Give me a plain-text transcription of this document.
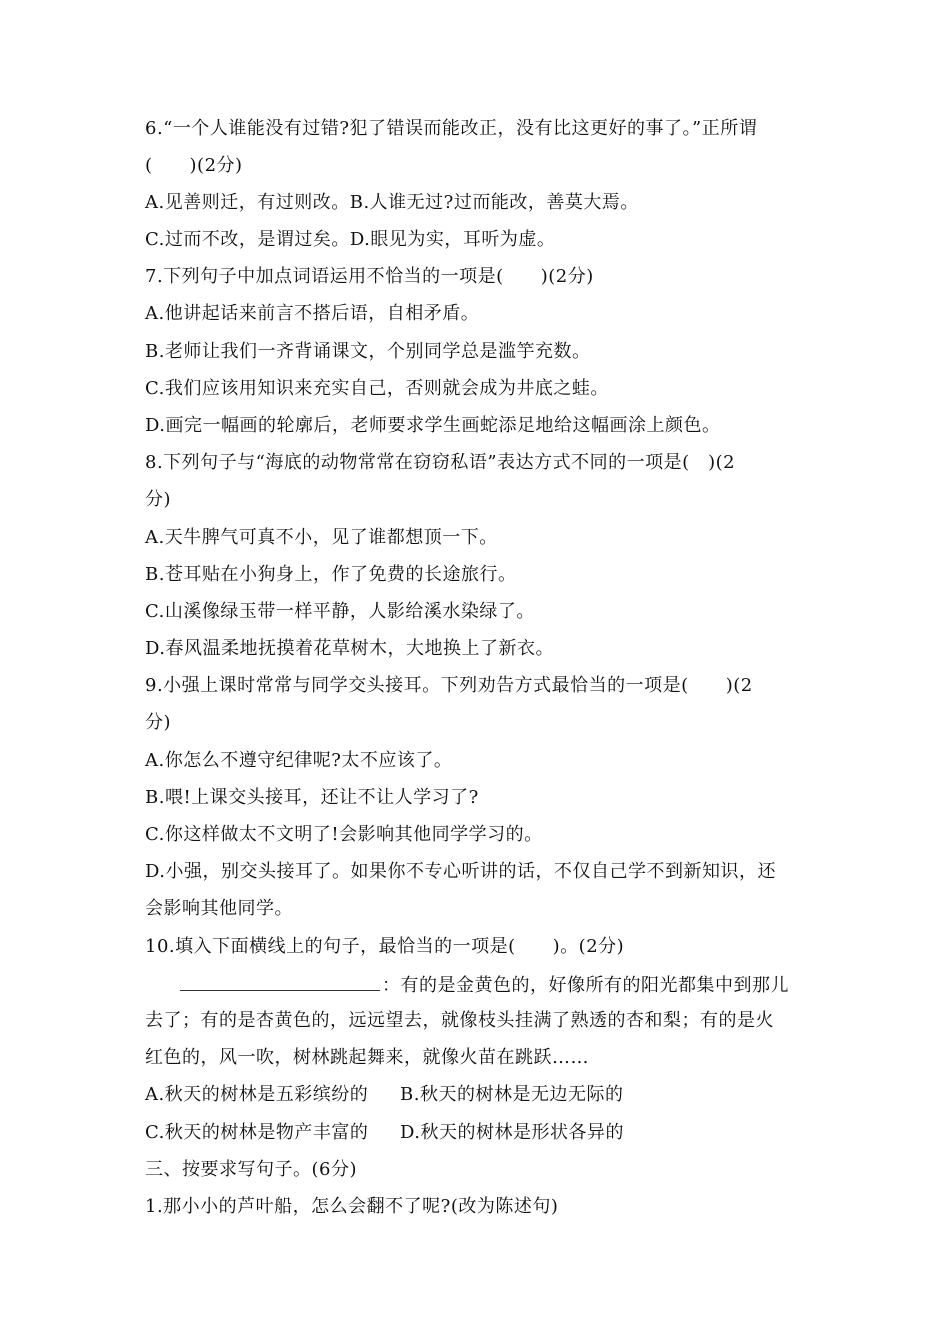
6.“一个人谁能没有过错?犯了错误而能改正，没有比这更好的事了。”正所谓
(　　)(2分)
A.见善则迁，有过则改。B.人谁无过?过而能改，善莫大焉。
C.过而不改，是谓过矣。D.眼见为实，耳听为虚。
7.下列句子中加点词语运用不恰当的一项是(　　)(2分)
A.他讲起话来前言不搭后语，自相矛盾。
B.老师让我们一齐背诵课文，个别同学总是滥竽充数。
C.我们应该用知识来充实自己，否则就会成为井底之蛙。
D.画完一幅画的轮廓后，老师要求学生画蛇添足地给这幅画涂上颜色。
8.下列句子与“海底的动物常常在窃窃私语”表达方式不同的一项是(　)(2
分)
A.天牛脾气可真不小，见了谁都想顶一下。
B.苍耳贴在小狗身上，作了免费的长途旅行。
C.山溪像绿玉带一样平静，人影给溪水染绿了。
D.春风温柔地抚摸着花草树木，大地换上了新衣。
9.小强上课时常常与同学交头接耳。下列劝告方式最恰当的一项是(　　)(2
分)
A.你怎么不遵守纪律呢?太不应该了。
B.喂!上课交头接耳，还让不让人学习了?
C.你这样做太不文明了!会影响其他同学学习的。
D.小强，别交头接耳了。如果你不专心听讲的话，不仅自己学不到新知识，还
会影响其他同学。
10.填入下面横线上的句子，最恰当的一项是(　　)。(2分)
：有的是金黄色的，好像所有的阳光都集中到那儿
去了；有的是杏黄色的，远远望去，就像枝头挂满了熟透的杏和梨；有的是火
红色的，风一吹，树林跳起舞来，就像火苗在跳跃……
A.秋天的树林是五彩缤纷的 B.秋天的树林是无边无际的
C.秋天的树林是物产丰富的 D.秋天的树林是形状各异的
三、按要求写句子。(6分)
1.那小小的芦叶船，怎么会翻不了呢?(改为陈述句)
